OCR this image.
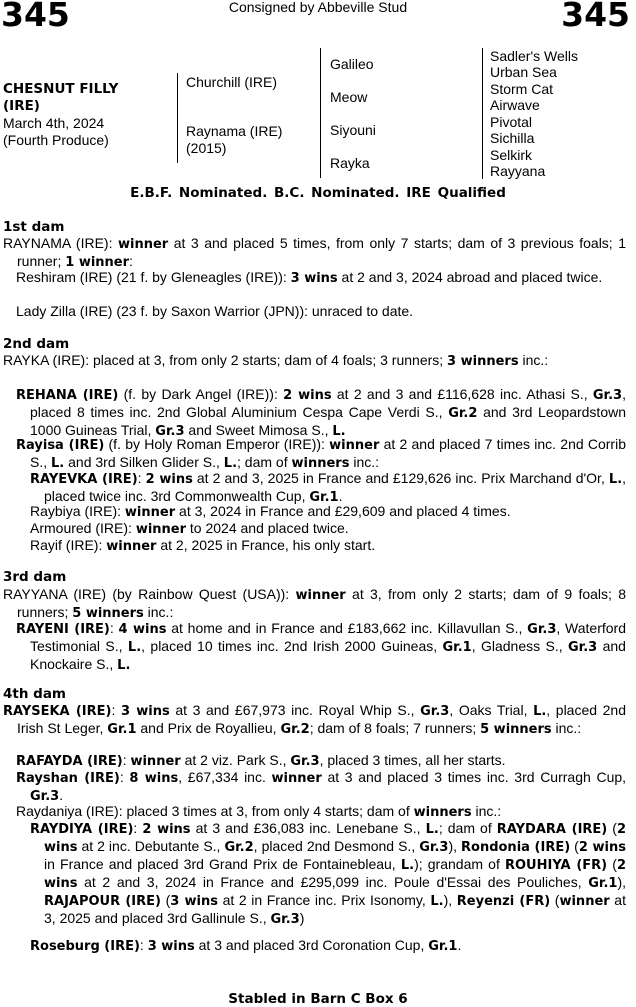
345	345
Consigned by Abbeville Stud
CHESNUT FILLY
(IRE)
March 4th, 2024
(Fourth Produce)
Churchill (IRE)
Raynama (IRE)
(2015)
Galileo
Meow
Siyouni
Rayka
Sadler's Wells
Urban Sea
Storm Cat
Airwave
Pivotal
Sichilla
Selkirk
Rayyana
E.B.F. Nominated. B.C. Nominated. IRE Qualified
1st dam
RAYNAMA (IRE): winner at 3 and placed 5 times, from only 7 starts; dam of 3 previous foals; 1 runner; 1 winner:
Reshiram (IRE) (21 f. by Gleneagles (IRE)): 3 wins at 2 and 3, 2024 abroad and placed twice.
Lady Zilla (IRE) (23 f. by Saxon Warrior (JPN)): unraced to date.
2nd dam
RAYKA (IRE): placed at 3, from only 2 starts; dam of 4 foals; 3 runners; 3 winners inc.:
REHANA (IRE) (f. by Dark Angel (IRE)): 2 wins at 2 and 3 and £116,628 inc. Athasi S., Gr.3, placed 8 times inc. 2nd Global Aluminium Cespa Cape Verdi S., Gr.2 and 3rd Leopardstown 1000 Guineas Trial, Gr.3 and Sweet Mimosa S., L.
Rayisa (IRE) (f. by Holy Roman Emperor (IRE)): winner at 2 and placed 7 times inc. 2nd Corrib S., L. and 3rd Silken Glider S., L.; dam of winners inc.:
RAYEVKA (IRE): 2 wins at 2 and 3, 2025 in France and £129,626 inc. Prix Marchand d'Or, L., placed twice inc. 3rd Commonwealth Cup, Gr.1.
Raybiya (IRE): winner at 3, 2024 in France and £29,609 and placed 4 times.
Armoured (IRE): winner to 2024 and placed twice.
Rayif (IRE): winner at 2, 2025 in France, his only start.
3rd dam
RAYYANA (IRE) (by Rainbow Quest (USA)): winner at 3, from only 2 starts; dam of 9 foals; 8 runners; 5 winners inc.:
RAYENI (IRE): 4 wins at home and in France and £183,662 inc. Killavullan S., Gr.3, Waterford Testimonial S., L., placed 10 times inc. 2nd Irish 2000 Guineas, Gr.1, Gladness S., Gr.3 and Knockaire S., L.
4th dam
RAYSEKA (IRE): 3 wins at 3 and £67,973 inc. Royal Whip S., Gr.3, Oaks Trial, L., placed 2nd Irish St Leger, Gr.1 and Prix de Royallieu, Gr.2; dam of 8 foals; 7 runners; 5 winners inc.:
RAFAYDA (IRE): winner at 2 viz. Park S., Gr.3, placed 3 times, all her starts.
Rayshan (IRE): 8 wins, £67,334 inc. winner at 3 and placed 3 times inc. 3rd Curragh Cup, Gr.3.
Raydaniya (IRE): placed 3 times at 3, from only 4 starts; dam of winners inc.:
RAYDIYA (IRE): 2 wins at 3 and £36,083 inc. Lenebane S., L.; dam of RAYDARA (IRE) (2 wins at 2 inc. Debutante S., Gr.2, placed 2nd Desmond S., Gr.3), Rondonia (IRE) (2 wins in France and placed 3rd Grand Prix de Fontainebleau, L.); grandam of ROUHIYA (FR) (2 wins at 2 and 3, 2024 in France and £295,099 inc. Poule d'Essai des Pouliches, Gr.1), RAJAPOUR (IRE) (3 wins at 2 in France inc. Prix Isonomy, L.), Reyenzi (FR) (winner at 3, 2025 and placed 3rd Gallinule S., Gr.3)
Roseburg (IRE): 3 wins at 3 and placed 3rd Coronation Cup, Gr.1.
Stabled in Barn C Box 6
